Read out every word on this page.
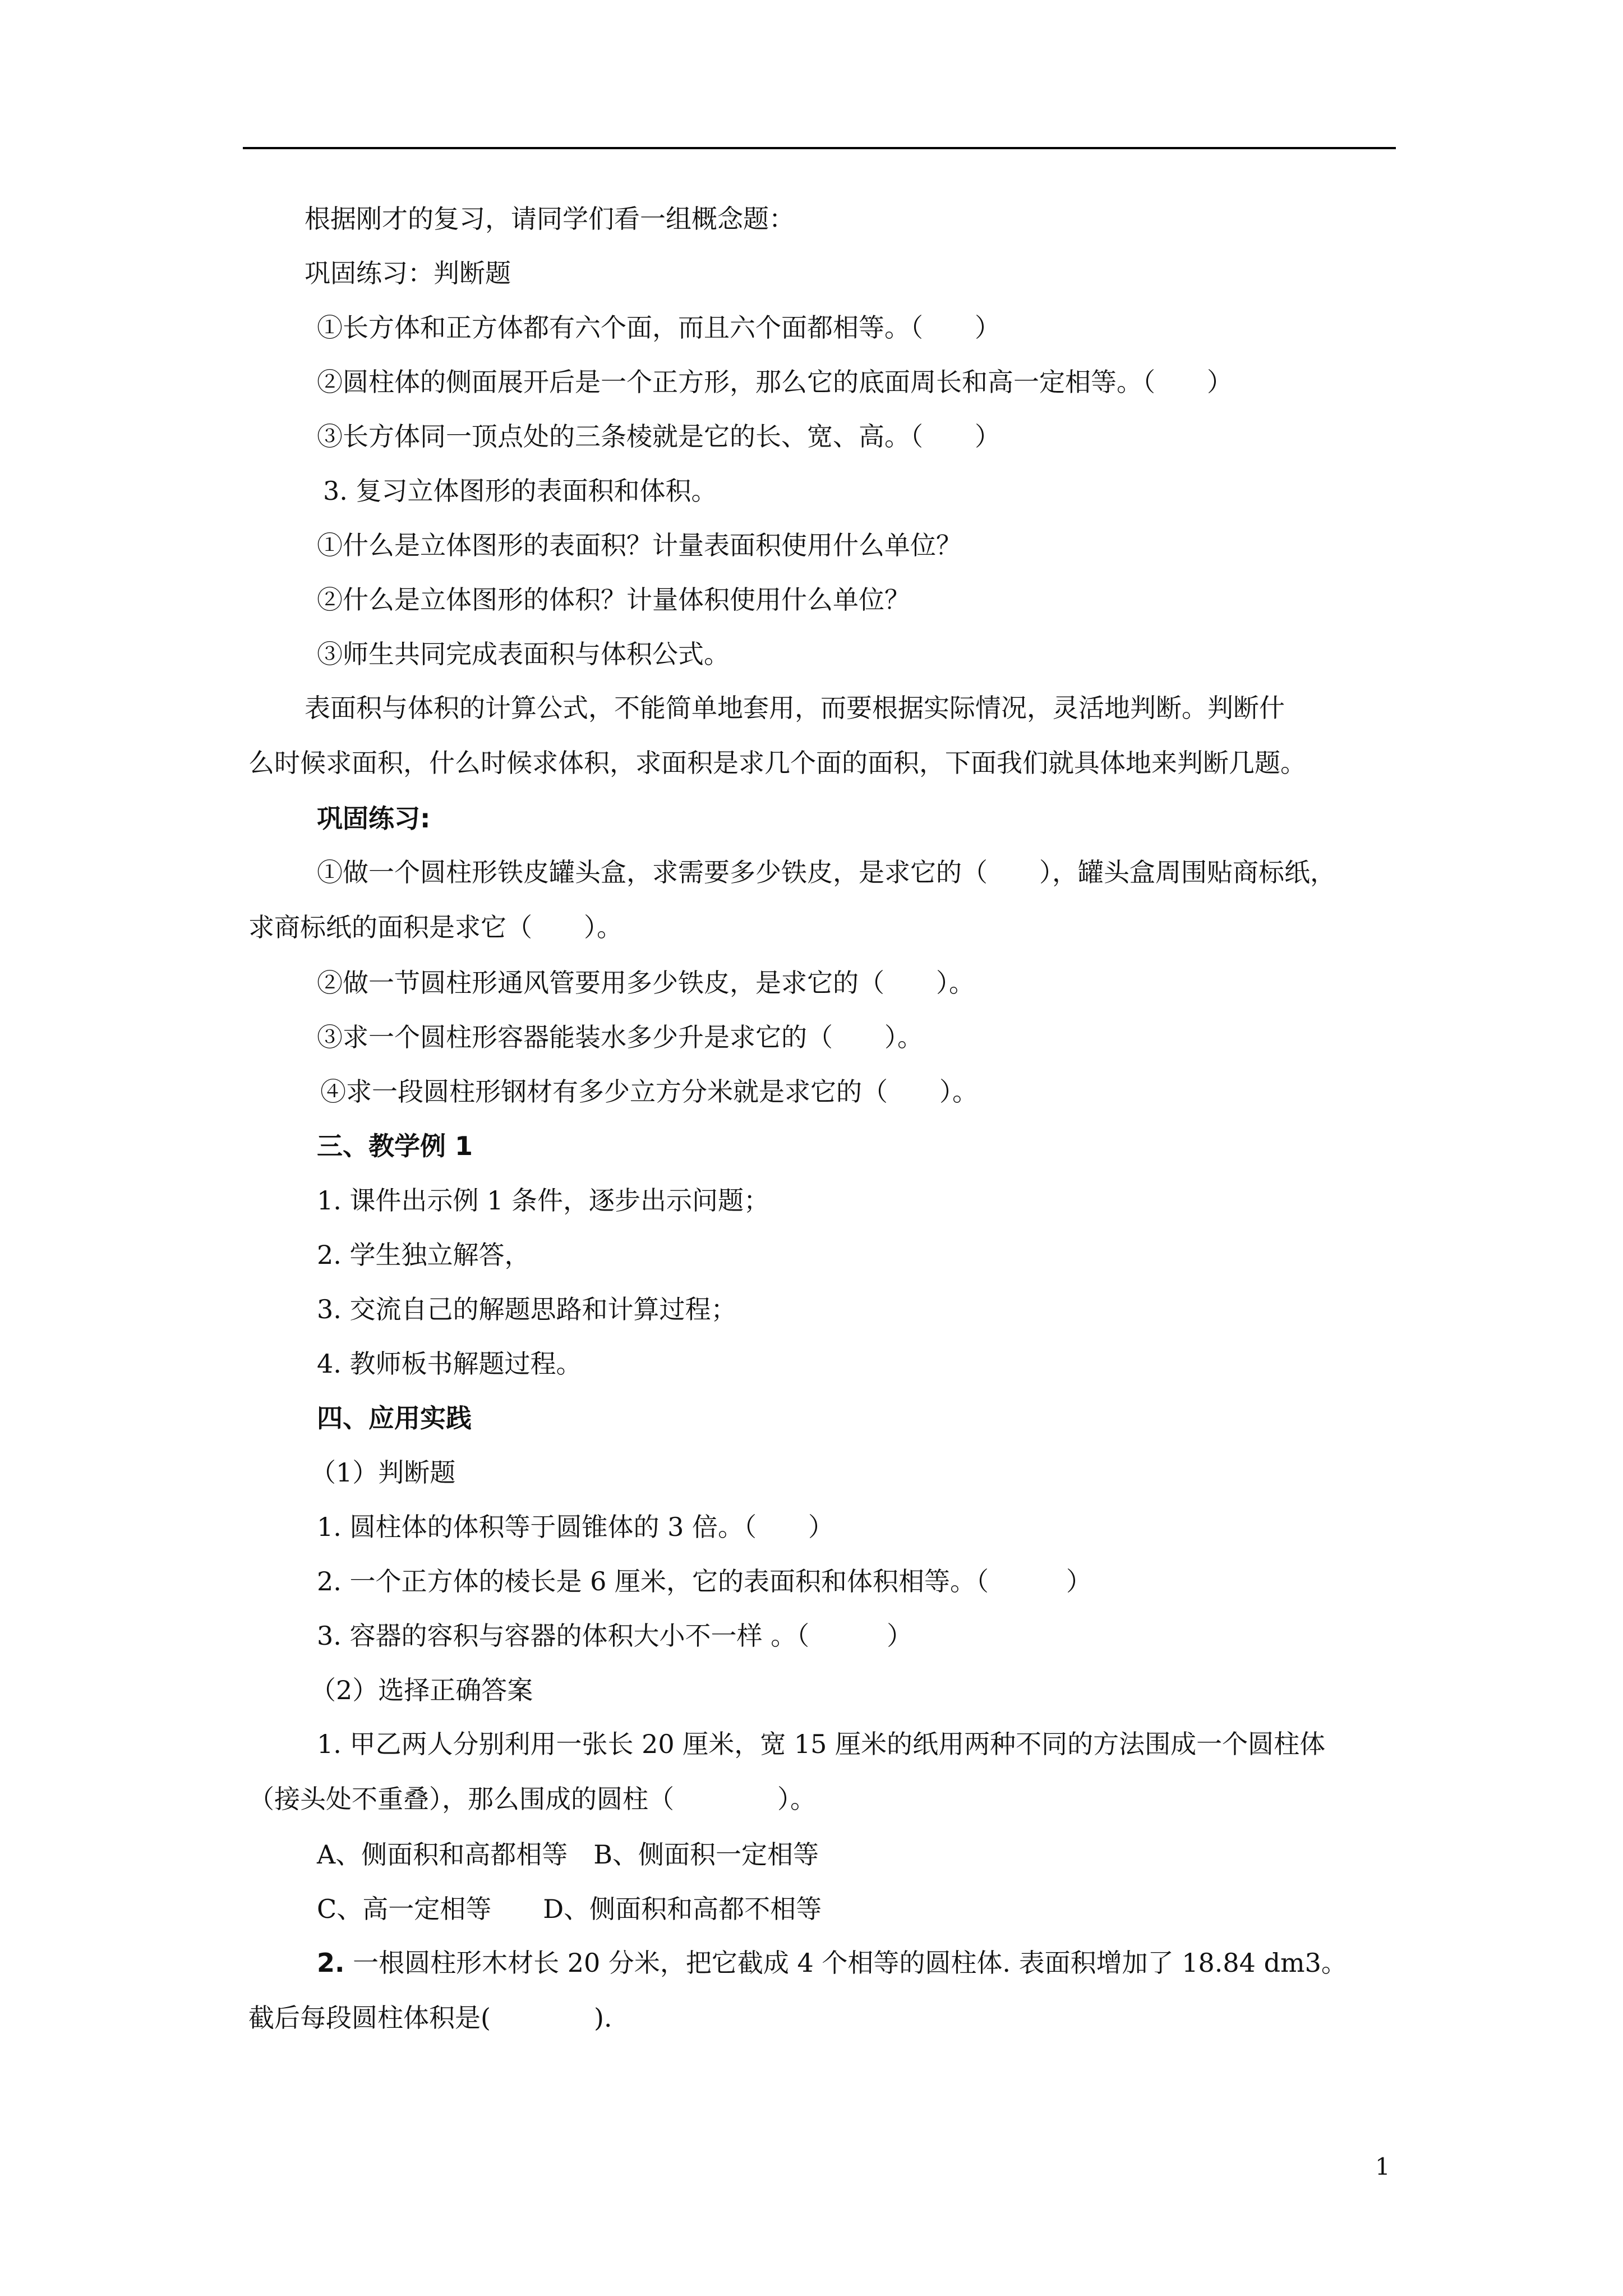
根据刚才的复习，请同学们看一组概念题：
巩固练习：判断题
①长方体和正方体都有六个面，而且六个面都相等。（　　）
②圆柱体的侧面展开后是一个正方形，那么它的底面周长和高一定相等。（　　）
③长方体同一顶点处的三条棱就是它的长、宽、高。（　　）
3. 复习立体图形的表面积和体积。
①什么是立体图形的表面积？计量表面积使用什么单位？
②什么是立体图形的体积？计量体积使用什么单位？
③师生共同完成表面积与体积公式。
表面积与体积的计算公式，不能简单地套用，而要根据实际情况，灵活地判断。判断什
么时候求面积，什么时候求体积，求面积是求几个面的面积，下面我们就具体地来判断几题。
巩固练习:
①做一个圆柱形铁皮罐头盒，求需要多少铁皮，是求它的（　　），罐头盒周围贴商标纸，
求商标纸的面积是求它（　　）。
②做一节圆柱形通风管要用多少铁皮，是求它的（　　）。
③求一个圆柱形容器能装水多少升是求它的（　　）。
④求一段圆柱形钢材有多少立方分米就是求它的（　　）。
三、教学例 1
1. 课件出示例 1 条件，逐步出示问题；
2. 学生独立解答，
3. 交流自己的解题思路和计算过程；
4. 教师板书解题过程。
四、应用实践
（1）判断题
1. 圆柱体的体积等于圆锥体的 3 倍。（　　）
2. 一个正方体的棱长是 6 厘米，它的表面积和体积相等。（　　　）
3. 容器的容积与容器的体积大小不一样 。（　　　）
（2）选择正确答案
1. 甲乙两人分别利用一张长 20 厘米，宽 15 厘米的纸用两种不同的方法围成一个圆柱体
（接头处不重叠），那么围成的圆柱（　　　　）。
A、侧面积和高都相等　B、侧面积一定相等
C、高一定相等　　D、侧面积和高都不相等
2. 一根圆柱形木材长 20 分米，把它截成 4 个相等的圆柱体. 表面积增加了 18.84 dm3。
截后每段圆柱体积是(　　　　).
1
